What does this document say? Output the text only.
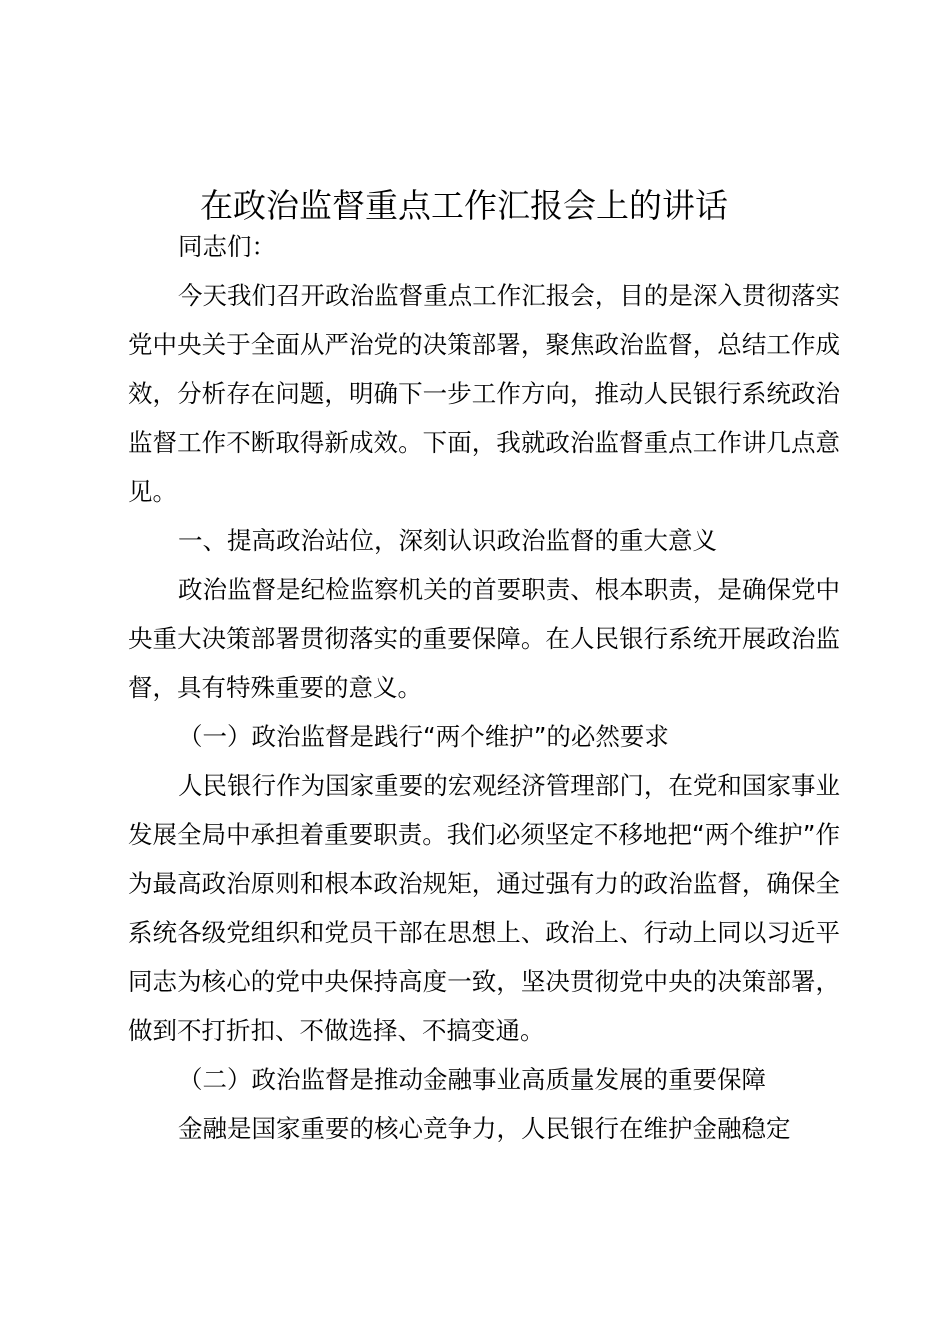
在政治监督重点工作汇报会上的讲话

同志们：

今天我们召开政治监督重点工作汇报会，目的是深入贯彻落实党中央关于全面从严治党的决策部署，聚焦政治监督，总结工作成效，分析存在问题，明确下一步工作方向，推动人民银行系统政治监督工作不断取得新成效。下面，我就政治监督重点工作讲几点意见。

一、提高政治站位，深刻认识政治监督的重大意义

政治监督是纪检监察机关的首要职责、根本职责，是确保党中央重大决策部署贯彻落实的重要保障。在人民银行系统开展政治监督，具有特殊重要的意义。

（一）政治监督是践行“两个维护”的必然要求

人民银行作为国家重要的宏观经济管理部门，在党和国家事业发展全局中承担着重要职责。我们必须坚定不移地把“两个维护”作为最高政治原则和根本政治规矩，通过强有力的政治监督，确保全系统各级党组织和党员干部在思想上、政治上、行动上同以习近平同志为核心的党中央保持高度一致，坚决贯彻党中央的决策部署，做到不打折扣、不做选择、不搞变通。

（二）政治监督是推动金融事业高质量发展的重要保障

金融是国家重要的核心竞争力，人民银行在维护金融稳定
